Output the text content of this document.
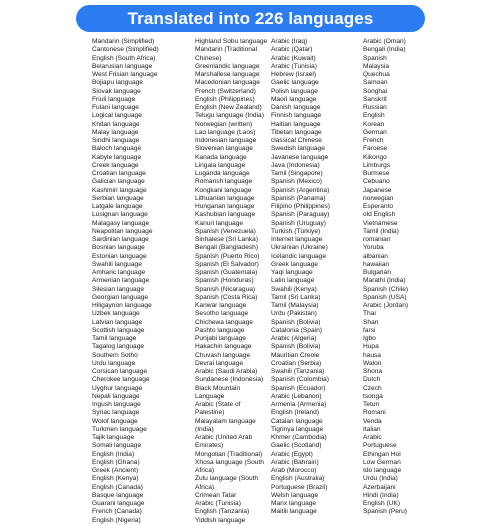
Translated into 226 languages
Mandarin (Simplified)
Cantonese (Simplified)
English (South Africa)
Belarusian language
West Frisian language
Bojiapu language
Slovak language
Friuli language
Fulani language
Logical language
Khitan language
Malay language
Sindhi language
Baloch language
Kabyle language
Creek language
Croatian language
Galician language
Kashmiri language
Serbian language
Latgale language
Lusignan language
Malagasy language
Neapolitan language
Sardinian language
Bosnian language
Estonian language
Swahili language
Amharic language
Armenian language
Silesian language
Georgian language
Hiligaynon language
Uzbek language
Latvian language
Scottish language
Tamil language
Tagalog language
Southern Sotho
Urdu language
Corsican language
Cherokee language
Uyghur language
Nepali language
Ingush language
Syriac language
Wolof language
Turkmen language
Tajik language
Somali language
English (India)
English (Ghana)
Greek (Ancient)
English (Kenya)
English (Canada)
Basque language
Guarani language
French (Canada)
English (Nigeria)
Highland Sobu language
Mandarin (Traditional Chinese)
Greenlandic language
Marshallese language
Macedonian language
French (Switzerland)
English (Philippines)
English (New Zealand)
Telugu language (India)
Norwegian (written)
Lao language (Laos)
Indonesian language
Slovenian language
Kanada language
Lingala language
Luganda language
Romansh language
Kongkani language
Lithuanian language
Hungarian language
Kashubian language
Kanuri language
Spanish (Venezuela)
Sinhalese (Sri Lanka)
Bengali (Bangladesh)
Spanish (Puerto Rico)
Spanish (El Salvador)
Spanish (Guatemala)
Spanish (Honduras)
Spanish (Nicaragua)
Spanish (Costa Rica)
Kanwar language
Sesotho language
Chichewa language
Pashto language
Punjabi language
Hakachin language
Chuvash language
Devrai language
Arabic (Saudi Arabia)
Sundanese (Indonesia)
Black Mountain Language
Arabic (State of Palestine)
Malayalam language (India)
Arabic (United Arab Emirates)
Mongolian (Traditional)
Xhosa language (South Africa)
Zulu language (South Africa)
Crimean Tatar
Arabic (Tunisia)
English (Tanzania)
Yiddish language
Arabic (Iraq)
Arabic (Qatar)
Arabic (Kuwait)
Arabic (Tunisia)
Hebrew (Israel)
Gaelic language
Polish language
Maori language
Danish language
Finnish language
Haitian language
Tibetan language
classical Chinese
Swedish language
Javanese language
Java (Indonesia)
Tamil (Singapore)
Spanish (Mexico)
Spanish (Argentina)
Spanish (Panama)
Filipino (Philippines)
Spanish (Paraguay)
Spanish (Uruguay)
Turkish (Türkiye)
Internet language
Ukrainian (Ukraine)
Icelandic language
Greek language
Yaqi language
Latin language
Swahili (Kenya)
Tamil (Sri Lanka)
Tamil (Malaysia)
Urdu (Pakistan)
Spanish (Bolivia)
Catalonia (Spain)
Arabic (Algeria)
Spanish (Bolivia)
Mauritian Creole
Croatian (Serbia)
Swahili (Tanzania)
Spanish (Colombia)
Spanish (Ecuador)
Arabic (Lebanon)
Armenia (Armenia)
English (Ireland)
Catalan language
Tigrinya language
Khmer (Cambodia)
Gaelic (Scotland)
Arabic (Egypt)
Arabic (Bahrain)
Arab (Morocco)
English (Australia)
Portuguese (Brazil)
Welsh language
Manx language
Maitili language
Arabic (Oman)
Bengali (India)
Spanish
Malaysia
Quechua
Samoan
Songhai
Sanskrit
Russian
English
Korean
German
French
Faroese
Kikongo
Limburgs
Burmese
Cebuano
Japanese
norwegian
Esperanto
old English
Vietnamese
Tamil (India)
romanian
Yoruba
albanian
hawaiian
Bulgarian
Marathi (India)
Spanish (Chile)
Spanish (USA)
Arabic (Jordan)
Thai
Shan
farsi
Igbo
Hupa
hausa
Walon
Shona
Dutch
Czech
tsonga
Tetun
Romani
Venda
Italian
Arabic
Portuguese
Ethingan Hol
Low German
Ido language
Urdu (India)
Azerbaijani
Hindi (India)
English (UK)
Spanish (Peru)
